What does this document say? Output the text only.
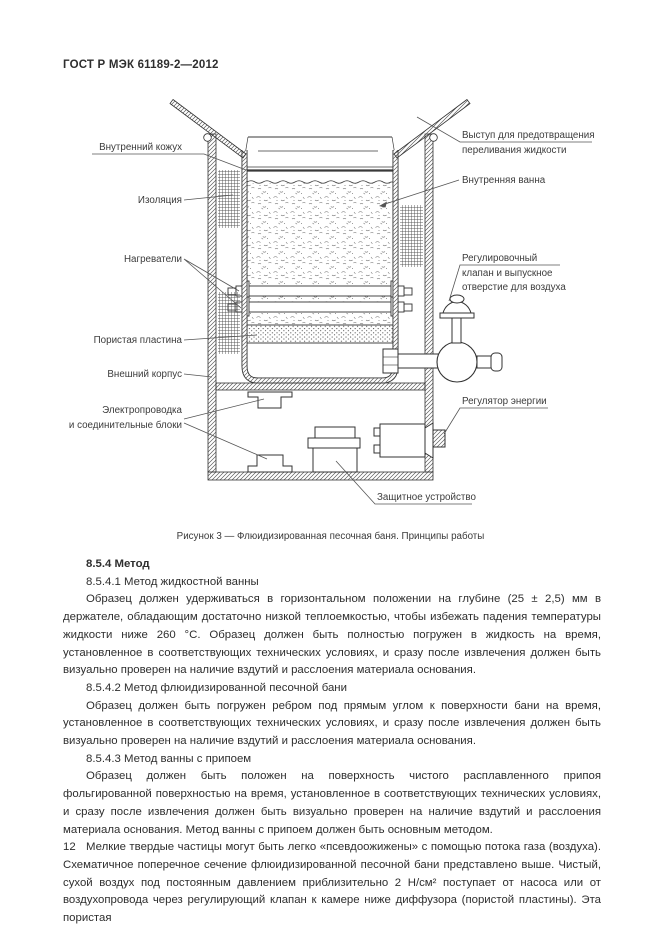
ГОСТ Р МЭК 61189-2—2012
Внутренний кожух
Изоляция
Нагреватели
Пористая пластина
Внешний корпус
Электропроводка
и соединительные блоки
Выступ для предотвращения
переливания жидкости
Внутренняя ванна
Регулировочный
клапан и выпускное
отверстие для воздуха
Регулятор энергии
Защитное устройство
Рисунок 3 — Флюидизированная песочная баня. Принципы работы

8.5.4 Метод

8.5.4.1 Метод жидкостной ванны

Образец должен удерживаться в горизонтальном положении на глубине (25 ± 2,5) мм в держателе, обладающим достаточно низкой теплоемкостью, чтобы избежать падения температуры жидкости ниже 260 °С. Образец должен быть полностью погружен в жидкость на время, установленное в соответствующих технических условиях, и сразу после извлечения должен быть визуально проверен на наличие вздутий и расслоения материала основания.

8.5.4.2 Метод флюидизированной песочной бани

Образец должен быть погружен ребром под прямым углом к поверхности бани на время, установленное в соответствующих технических условиях, и сразу после извлечения должен быть визуально проверен на наличие вздутий и расслоения материала основания.

8.5.4.3 Метод ванны с припоем

Образец должен быть положен на поверхность чистого расплавленного припоя фольгированной поверхностью на время, установленное в соответствующих технических условиях, и сразу после извлечения должен быть визуально проверен на наличие вздутий и расслоения материала основания. Метод ванны с припоем должен быть основным методом.

Мелкие твердые частицы могут быть легко «псевдоожижены» с помощью потока газа (воздуха). Схематичное поперечное сечение флюидизированной песочной бани представлено выше. Чистый, сухой воздух под постоянным давлением приблизительно 2 Н/см² поступает от насоса или от воздухопровода через регулирующий клапан к камере ниже диффузора (пористой пластины). Эта пористая

12
